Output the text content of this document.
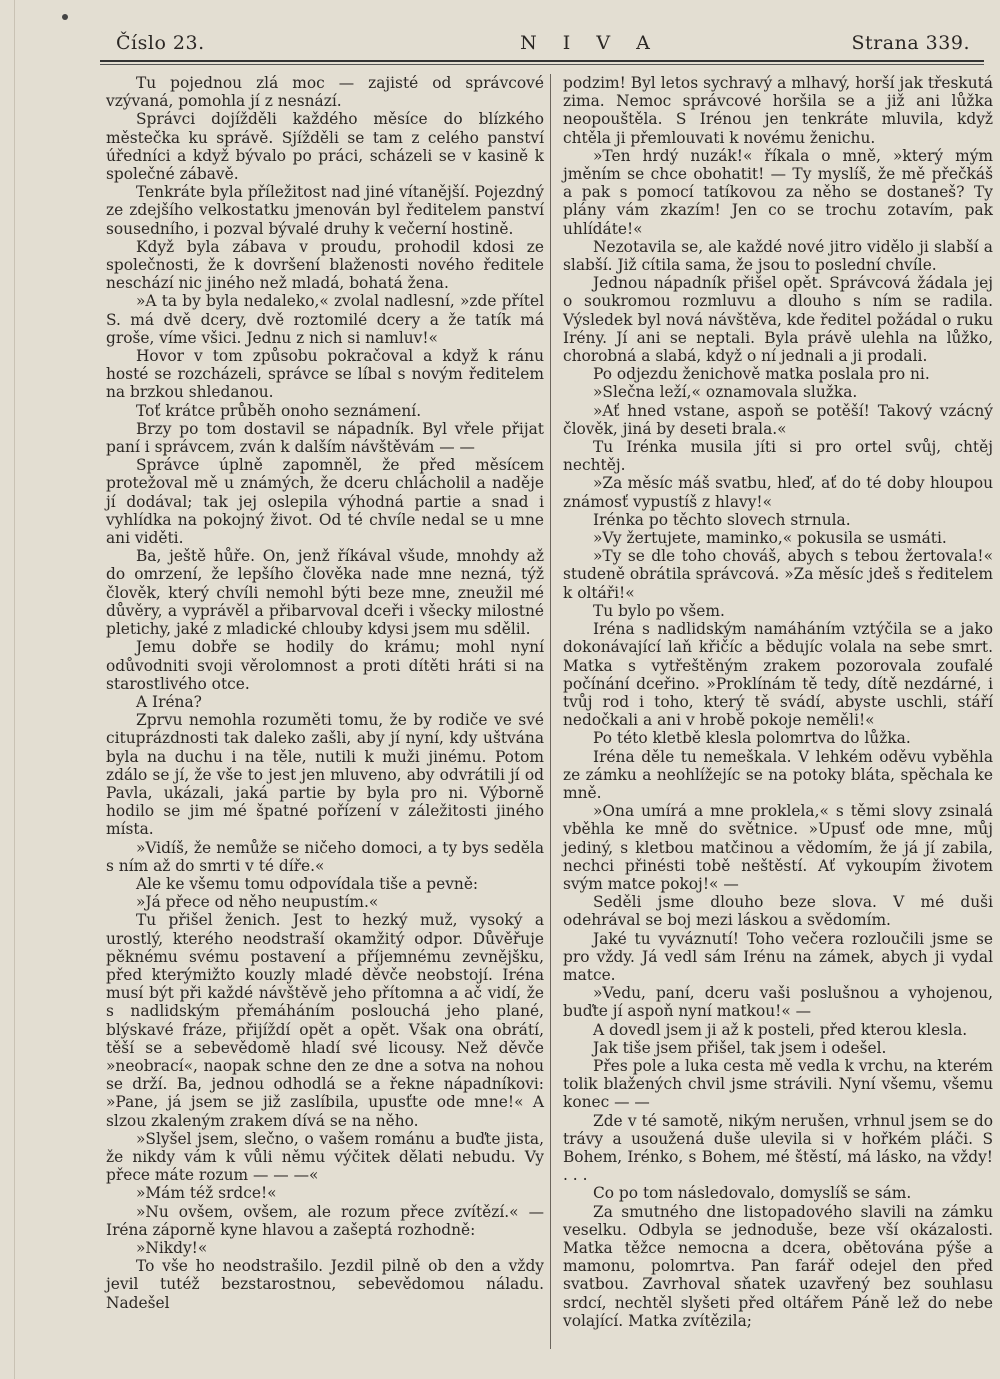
Číslo 23.	N I V A	Strana 339.

Tu pojednou zlá moc — zajisté od správcové vzývaná, pomohla jí z nesnází.

Správci dojížděli každého měsíce do blízkého městečka ku správě. Sjížděli se tam z celého panství úředníci a když bývalo po práci, scházeli se v kasině k společné zábavě.

Tenkráte byla příležitost nad jiné vítanější. Pojezdný ze zdejšího velkostatku jmenován byl ředitelem panství sousedního, i pozval bývalé druhy k večerní hostině.

Když byla zábava v proudu, prohodil kdosi ze společnosti, že k dovršení blaženosti nového ředitele neschází nic jiného než mladá, bohatá žena.

»A ta by byla nedaleko,« zvolal nadlesní, »zde přítel S. má dvě dcery, dvě roztomilé dcery a že tatík má groše, víme všici. Jednu z nich si namluv!«

Hovor v tom způsobu pokračoval a když k ránu hosté se rozcházeli, správce se líbal s novým ředitelem na brzkou shledanou.

Toť krátce průběh onoho seznámení.

Brzy po tom dostavil se nápadník. Byl vřele přijat paní i správcem, zván k dalším návštěvám — —

Správce úplně zapomněl, že před měsícem protežoval mě u známých, že dceru chlácholil a naděje jí dodával; tak jej oslepila výhodná partie a snad i vyhlídka na pokojný život. Od té chvíle nedal se u mne ani viděti.

Ba, ještě hůře. On, jenž říkával všude, mnohdy až do omrzení, že lepšího člověka nade mne nezná, týž člověk, který chvíli nemohl býti beze mne, zneužil mé důvěry, a vyprávěl a přibarvoval dceři i všecky milostné pletichy, jaké z mladické chlouby kdysi jsem mu sdělil.

Jemu dobře se hodily do krámu; mohl nyní odůvodniti svoji věrolomnost a proti dítěti hráti si na starostlivého otce.

A Iréna?

Zprvu nemohla rozuměti tomu, že by rodiče ve své cituprázdnosti tak daleko zašli, aby jí nyní, kdy uštvána byla na duchu i na těle, nutili k muži jinému. Potom zdálo se jí, že vše to jest jen mluveno, aby odvrátili jí od Pavla, ukázali, jaká partie by byla pro ni. Výborně hodilo se jim mé špatné pořízení v záležitosti jiného místa.

»Vidíš, že nemůže se ničeho domoci, a ty bys seděla s ním až do smrti v té díře.«

Ale ke všemu tomu odpovídala tiše a pevně:

»Já přece od něho neupustím.«

Tu přišel ženich. Jest to hezký muž, vysoký a urostlý, kterého neodstraší okamžitý odpor. Důvěřuje pěknému svému postavení a příjemnému zevnějšku, před kterýmižto kouzly mladé děvče neobstojí. Iréna musí být při každé návštěvě jeho přítomna a ač vidí, že s nadlidským přemáháním poslouchá jeho plané, blýskavé fráze, přijíždí opět a opět. Však ona obrátí, těší se a sebevědomě hladí své licousy. Než děvče »neobrací«, naopak schne den ze dne a sotva na nohou se drží. Ba, jednou odhodlá se a řekne nápadníkovi: »Pane, já jsem se již zaslíbila, upusťte ode mne!« A slzou zkaleným zrakem dívá se na něho.

»Slyšel jsem, slečno, o vašem románu a buďte jista, že nikdy vám k vůli němu výčitek dělati nebudu. Vy přece máte rozum — — —«

»Mám též srdce!«

»Nu ovšem, ovšem, ale rozum přece zvítězí.« — Iréna záporně kyne hlavou a zašeptá rozhodně:

»Nikdy!«

To vše ho neodstrašilo. Jezdil pilně ob den a vždy jevil tutéž bezstarostnou, sebevědomou náladu. Nadešel

podzim! Byl letos sychravý a mlhavý, horší jak třeskutá zima. Nemoc správcové horšila se a již ani lůžka neopouštěla. S Irénou jen tenkráte mluvila, když chtěla ji přemlouvati k novému ženichu.

»Ten hrdý nuzák!« říkala o mně, »který mým jměním se chce obohatit! — Ty myslíš, že mě přečkáš a pak s pomocí tatíkovou za něho se dostaneš? Ty plány vám zkazím! Jen co se trochu zotavím, pak uhlídáte!«

Nezotavila se, ale každé nové jitro vidělo ji slabší a slabší. Již cítila sama, že jsou to poslední chvíle.

Jednou nápadník přišel opět. Správcová žádala jej o soukromou rozmluvu a dlouho s ním se radila. Výsledek byl nová návštěva, kde ředitel požádal o ruku Irény. Jí ani se neptali. Byla právě ulehla na lůžko, chorobná a slabá, když o ní jednali a ji prodali.

Po odjezdu ženichově matka poslala pro ni.

»Slečna leží,« oznamovala služka.

»Ať hned vstane, aspoň se potěší! Takový vzácný člověk, jiná by deseti brala.«

Tu Irénka musila jíti si pro ortel svůj, chtěj nechtěj.

»Za měsíc máš svatbu, hleď, ať do té doby hloupou známosť vypustíš z hlavy!«

Irénka po těchto slovech strnula.

»Vy žertujete, maminko,« pokusila se usmáti.

»Ty se dle toho chováš, abych s tebou žertovala!« studeně obrátila správcová. »Za měsíc jdeš s ředitelem k oltáři!«

Tu bylo po všem.

Iréna s nadlidským namáháním vztýčila se a jako dokonávající laň křičíc a bědujíc volala na sebe smrt. Matka s vytřeštěným zrakem pozorovala zoufalé počínání dceřino. »Proklínám tě tedy, dítě nezdárné, i tvůj rod i toho, který tě svádí, abyste uschli, stáří nedočkali a ani v hrobě pokoje neměli!«

Po této kletbě klesla polomrtva do lůžka.

Iréna děle tu nemeškala. V lehkém oděvu vyběhla ze zámku a neohlížejíc se na potoky bláta, spěchala ke mně.

»Ona umírá a mne proklela,« s těmi slovy zsinalá vběhla ke mně do světnice. »Upusť ode mne, můj jediný, s kletbou matčinou a vědomím, že já jí zabila, nechci přinésti tobě neštěstí. Ať vykoupím životem svým matce pokoj!« —

Seděli jsme dlouho beze slova. V mé duši odehrával se boj mezi láskou a svědomím.

Jaké tu vyváznutí! Toho večera rozloučili jsme se pro vždy. Já vedl sám Irénu na zámek, abych ji vydal matce.

»Vedu, paní, dceru vaši poslušnou a vyhojenou, buďte jí aspoň nyní matkou!« —

A dovedl jsem ji až k posteli, před kterou klesla.

Jak tiše jsem přišel, tak jsem i odešel.

Přes pole a luka cesta mě vedla k vrchu, na kterém tolik blažených chvil jsme strávili. Nyní všemu, všemu konec — —

Zde v té samotě, nikým nerušen, vrhnul jsem se do trávy a usoužená duše ulevila si v hořkém pláči. S Bohem, Irénko, s Bohem, mé štěstí, má lásko, na vždy! . . .

Co po tom následovalo, domyslíš se sám.

Za smutného dne listopadového slavili na zámku veselku. Odbyla se jednoduše, beze vší okázalosti. Matka těžce nemocna a dcera, obětována pýše a mamonu, polomrtva. Pan farář odejel den před svatbou. Zavrhoval sňatek uzavřený bez souhlasu srdcí, nechtěl slyšeti před oltářem Páně lež do nebe volající. Matka zvítězila;
